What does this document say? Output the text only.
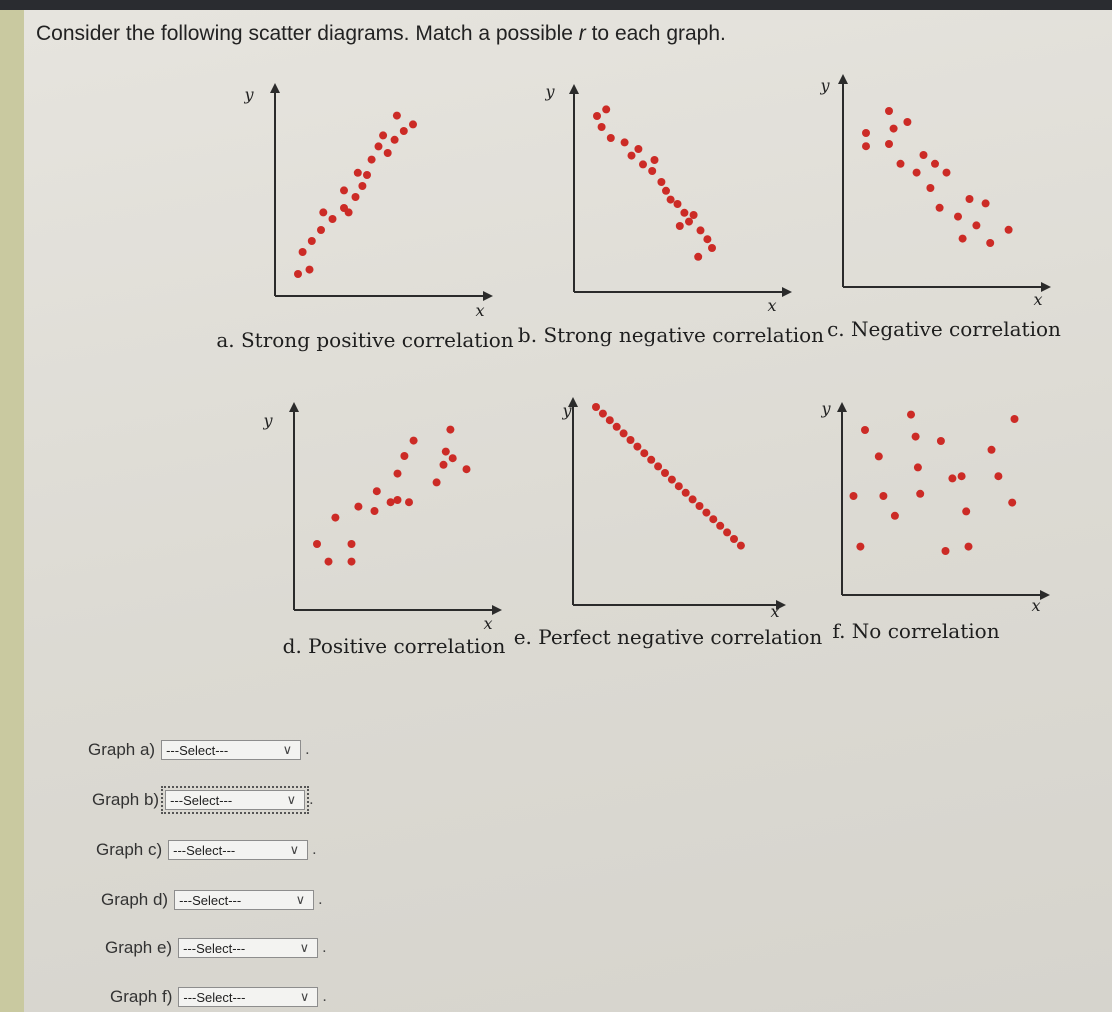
Consider the following scatter diagrams. Match a possible r to each graph.
x
y
a. Strong positive correlation
x
y
b. Strong negative correlation
x
y
c. Negative correlation
x
y
d. Positive correlation
x
y
e. Perfect negative correlation
x
y
f. No correlation
Graph a) ---Select---	∨ .
Graph b) ---Select---	∨ .
Graph c) ---Select---	∨ .
Graph d) ---Select---	∨ .
Graph e) ---Select---	∨ .
Graph f) ---Select---	∨ .
